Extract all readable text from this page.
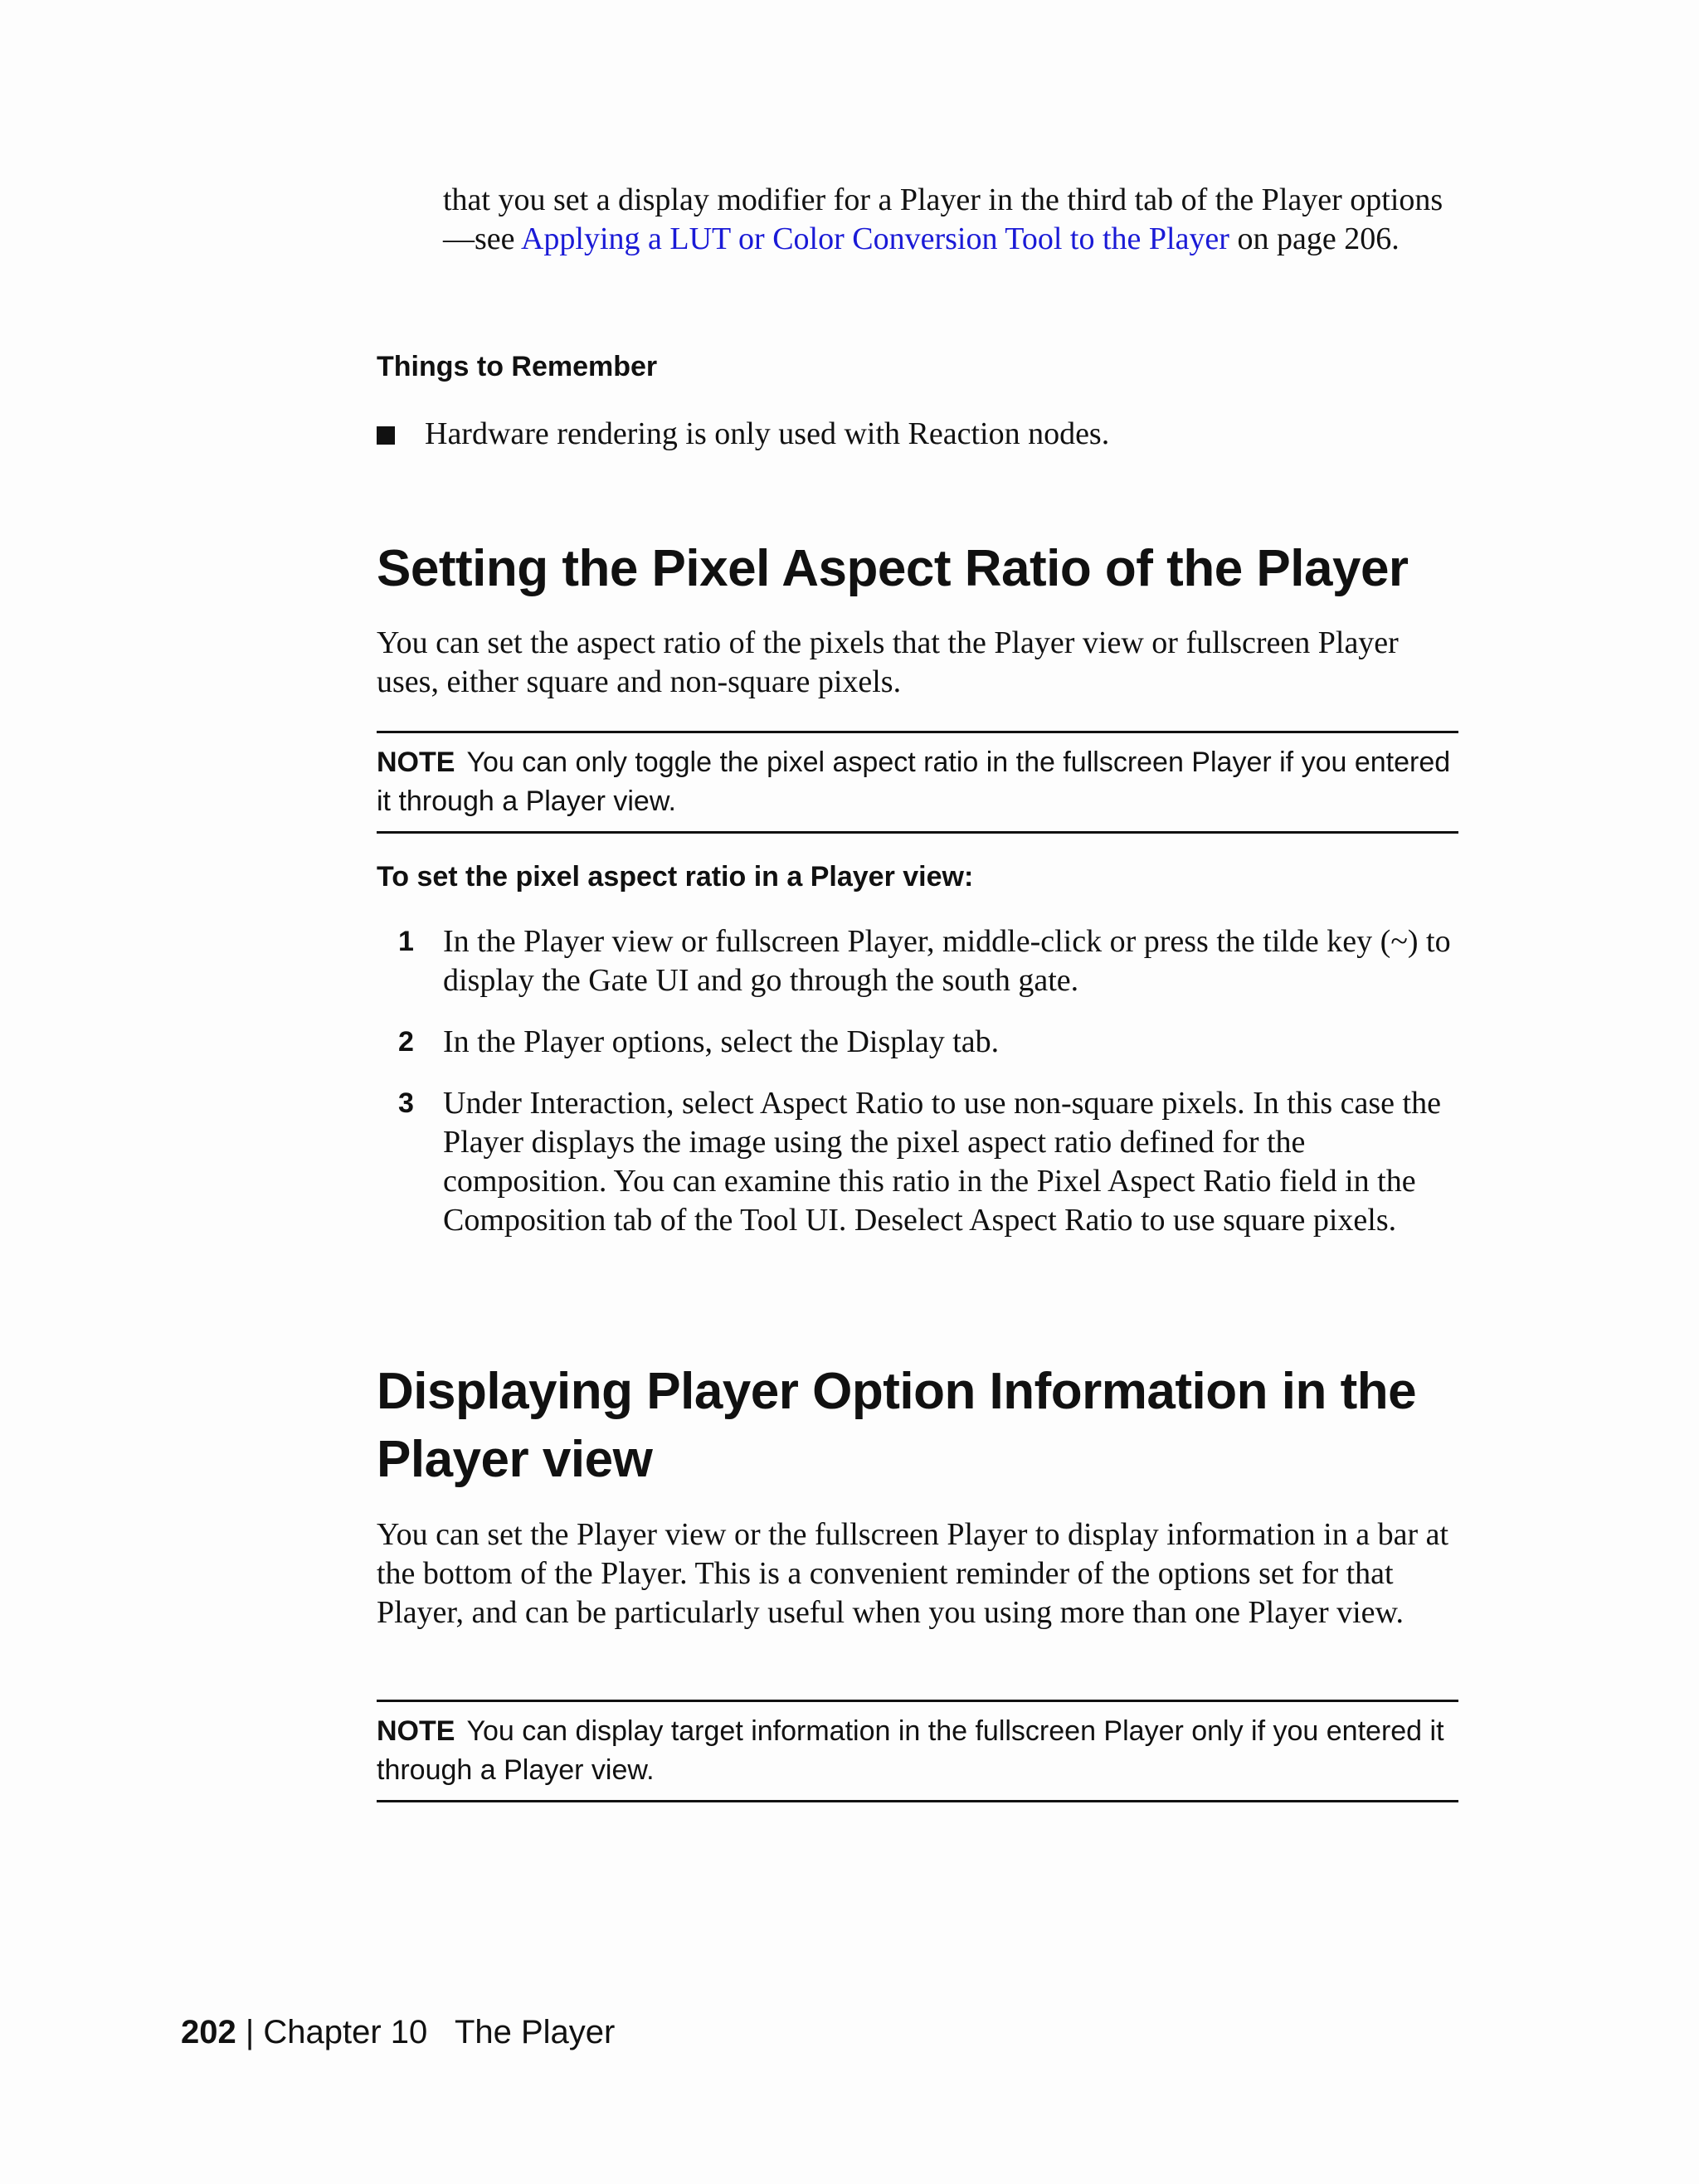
that you set a display modifier for a Player in the third tab of the Player options—see Applying a LUT or Color Conversion Tool to the Player on page 206.
Things to Remember
Hardware rendering is only used with Reaction nodes.
Setting the Pixel Aspect Ratio of the Player
You can set the aspect ratio of the pixels that the Player view or fullscreen Player uses, either square and non-square pixels.
NOTE You can only toggle the pixel aspect ratio in the fullscreen Player if you entered it through a Player view.
To set the pixel aspect ratio in a Player view:
1 In the Player view or fullscreen Player, middle-click or press the tilde key (~) to display the Gate UI and go through the south gate.
2 In the Player options, select the Display tab.
3 Under Interaction, select Aspect Ratio to use non-square pixels. In this case the Player displays the image using the pixel aspect ratio defined for the composition. You can examine this ratio in the Pixel Aspect Ratio field in the Composition tab of the Tool UI. Deselect Aspect Ratio to use square pixels.
Displaying Player Option Information in the Player view
You can set the Player view or the fullscreen Player to display information in a bar at the bottom of the Player. This is a convenient reminder of the options set for that Player, and can be particularly useful when you using more than one Player view.
NOTE You can display target information in the fullscreen Player only if you entered it through a Player view.
202 | Chapter 10 The Player
